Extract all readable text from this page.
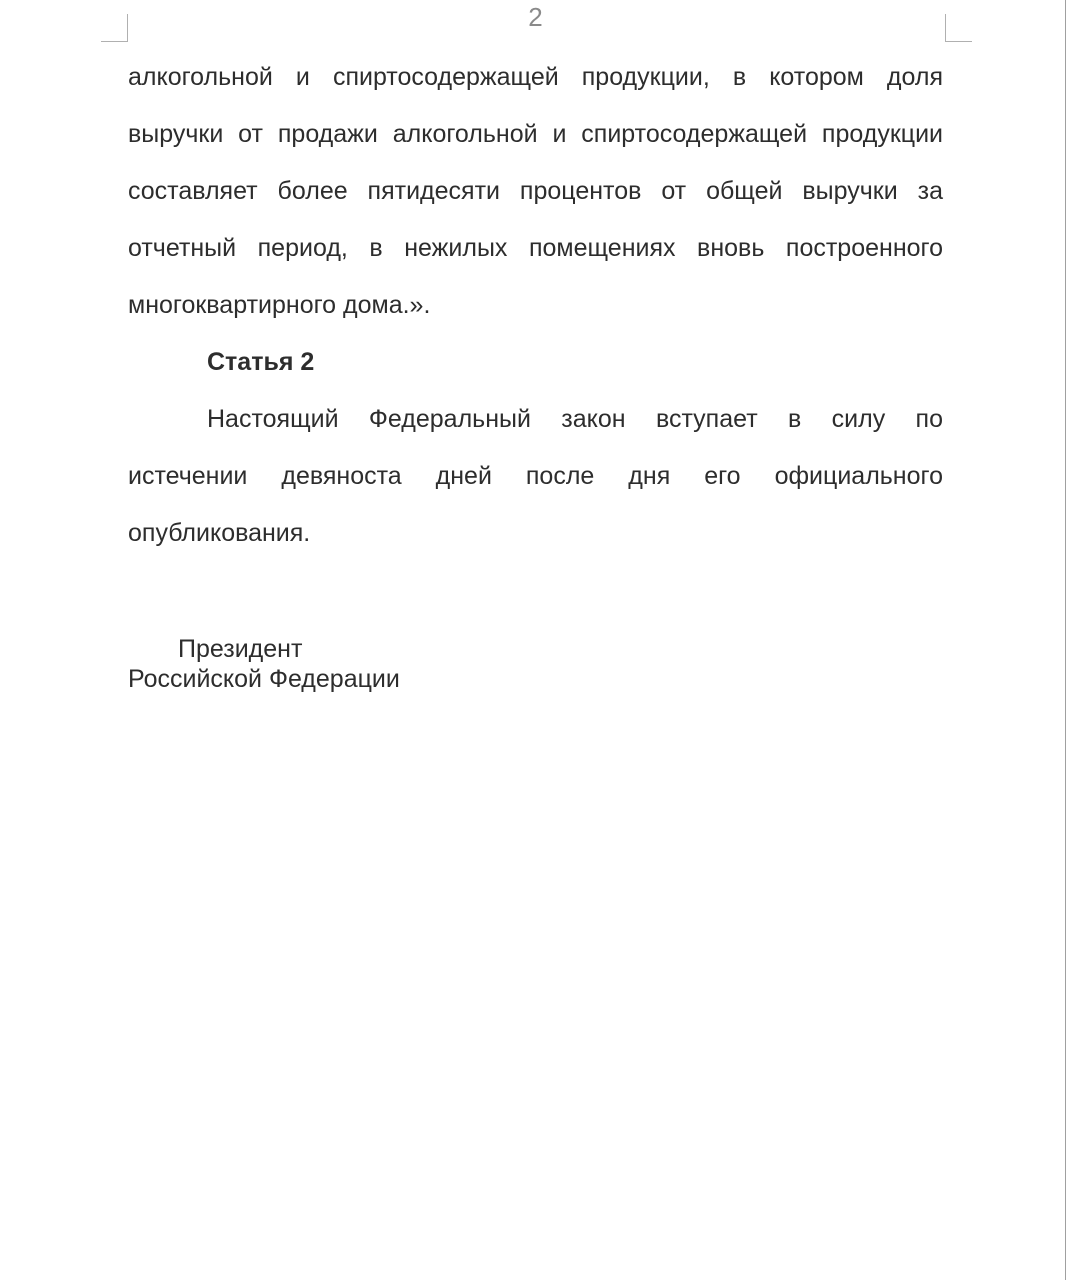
2
алкогольной и спиртосодержащей продукции, в котором доля
выручки от продажи алкогольной и спиртосодержащей продукции
составляет более пятидесяти процентов от общей выручки за
отчетный период, в нежилых помещениях вновь построенного
многоквартирного дома.».
Статья 2
Настоящий Федеральный закон вступает в силу по
истечении девяноста дней после дня его официального
опубликования.
Президент
Российской Федерации
